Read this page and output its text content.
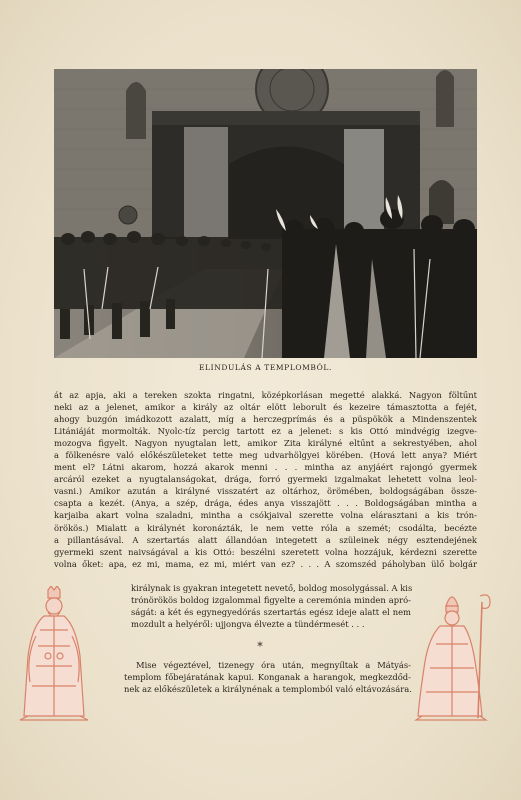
ELINDULÁS A TEMPLOMBÓL.
át az apja, aki a tereken szokta ringatni, középkorlásan megetté alakká. Nagyon föltűnt
neki az a jelenet, amikor a király az oltár elött leborult és kezeire támasztotta a fejét,
ahogy buzgón imádkozott azalatt, míg a herczegprímás és a püspökök a Mindenszentek
Litániáját mormolták. Nyolc-tíz percig tartott ez a jelenet: s kis Ottó mindvégig izegve-
mozogva figyelt. Nagyon nyugtalan lett, amikor Zita királyné eltűnt a sekrestyében, ahol
a fölkenésre való előkészületeket tette meg udvarhölgyei körében. (Hová lett anya? Miért
ment el? Látni akarom, hozzá akarok menni . . . mintha az anyjáért rajongó gyermek
arcáról ezeket a nyugtalanságokat, drága, forró gyermeki izgalmakat lehetett volna leol-
vasni.) Amikor azután a királyné visszatért az oltárhoz, örömében, boldogságában össze-
csapta a kezét. (Anya, a szép, drága, édes anya visszajött . . . Boldogságában mintha a
karjaiba akart volna szaladni, mintha a csókjaival szerette volna elárasztani a kis trón-
örökös.) Mialatt a királynét koronázták, le nem vette róla a szemét; csodálta, becézte
a pillantásával. A szertartás alatt állandóan integetett a szüleinek négy esztendejének
gyermeki szent naivságával a kis Ottó: beszélni szeretett volna hozzájuk, kérdezni szerette
volna őket: apa, ez mi, mama, ez mi, miért van ez? . . . A szomszéd páholyban ülő bolgár
királynak is gyakran integetett nevető, boldog mosolygással. A kis
trónörökös boldog izgalommal figyelte a ceremónia minden apró-
ságát: a két és egynegyedórás szertartás egész ideje alatt el nem
mozdult a helyéről: ujjongva élvezte a tündérmesét . . .
*
Mise végeztével, tizenegy óra után, megnyíltak a Mátyás-
templom főbejáratának kapui. Konganak a harangok, megkezdőd-
nek az előkészületek a királynénak a templomból való eltávozására.
